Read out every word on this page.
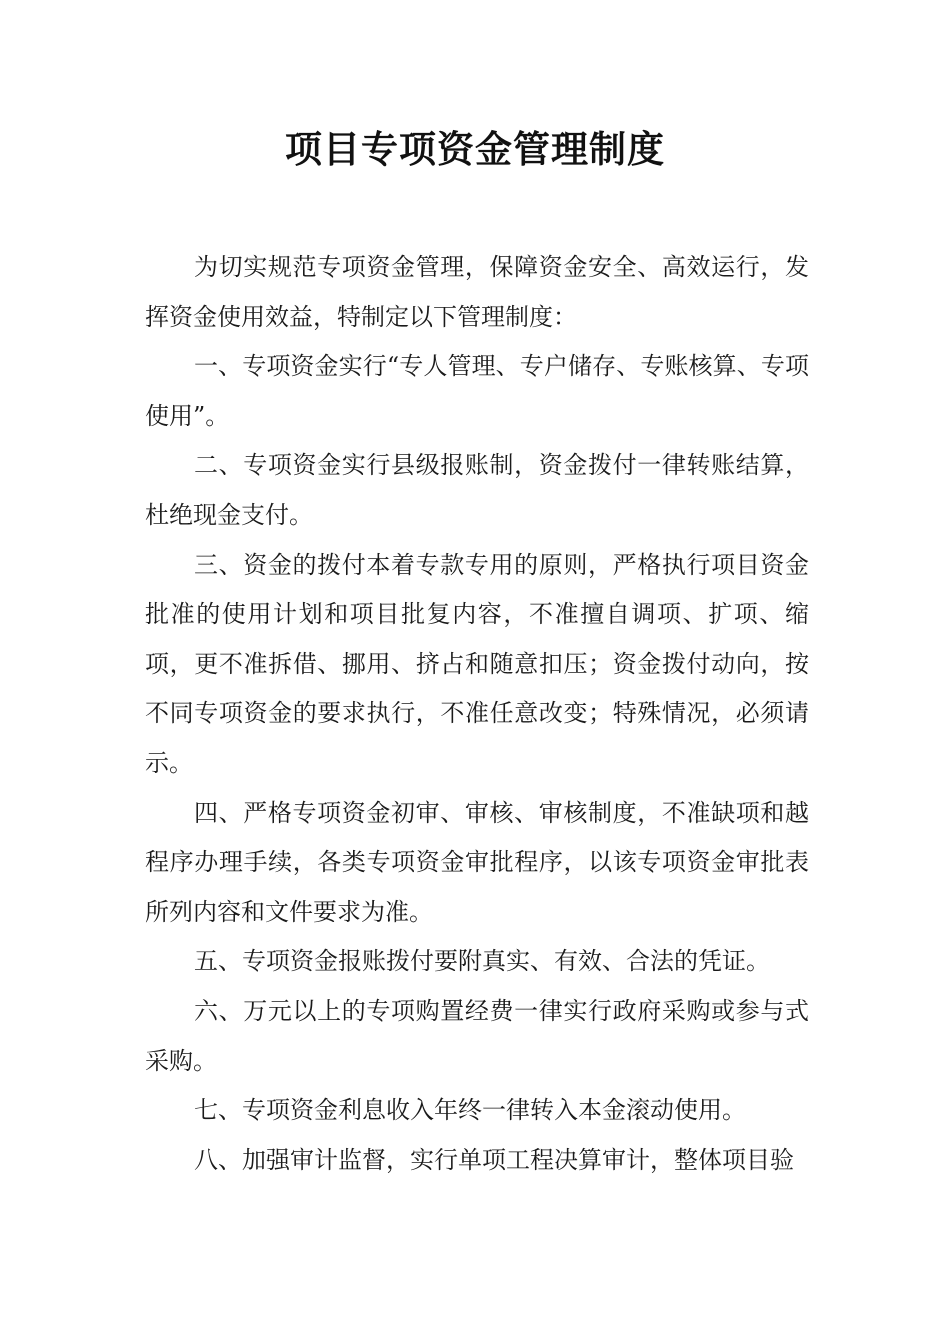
项目专项资金管理制度

为切实规范专项资金管理，保障资金安全、高效运行，发挥资金使用效益，特制定以下管理制度：

一、专项资金实行“专人管理、专户储存、专账核算、专项使用”。

二、专项资金实行县级报账制，资金拨付一律转账结算，杜绝现金支付。

三、资金的拨付本着专款专用的原则，严格执行项目资金批准的使用计划和项目批复内容，不准擅自调项、扩项、缩项，更不准拆借、挪用、挤占和随意扣压；资金拨付动向，按不同专项资金的要求执行，不准任意改变；特殊情况，必须请示。

四、严格专项资金初审、审核、审核制度，不准缺项和越程序办理手续，各类专项资金审批程序，以该专项资金审批表所列内容和文件要求为准。

五、专项资金报账拨付要附真实、有效、合法的凭证。

六、万元以上的专项购置经费一律实行政府采购或参与式采购。

七、专项资金利息收入年终一律转入本金滚动使用。

八、加强审计监督，实行单项工程决算审计，整体项目验
